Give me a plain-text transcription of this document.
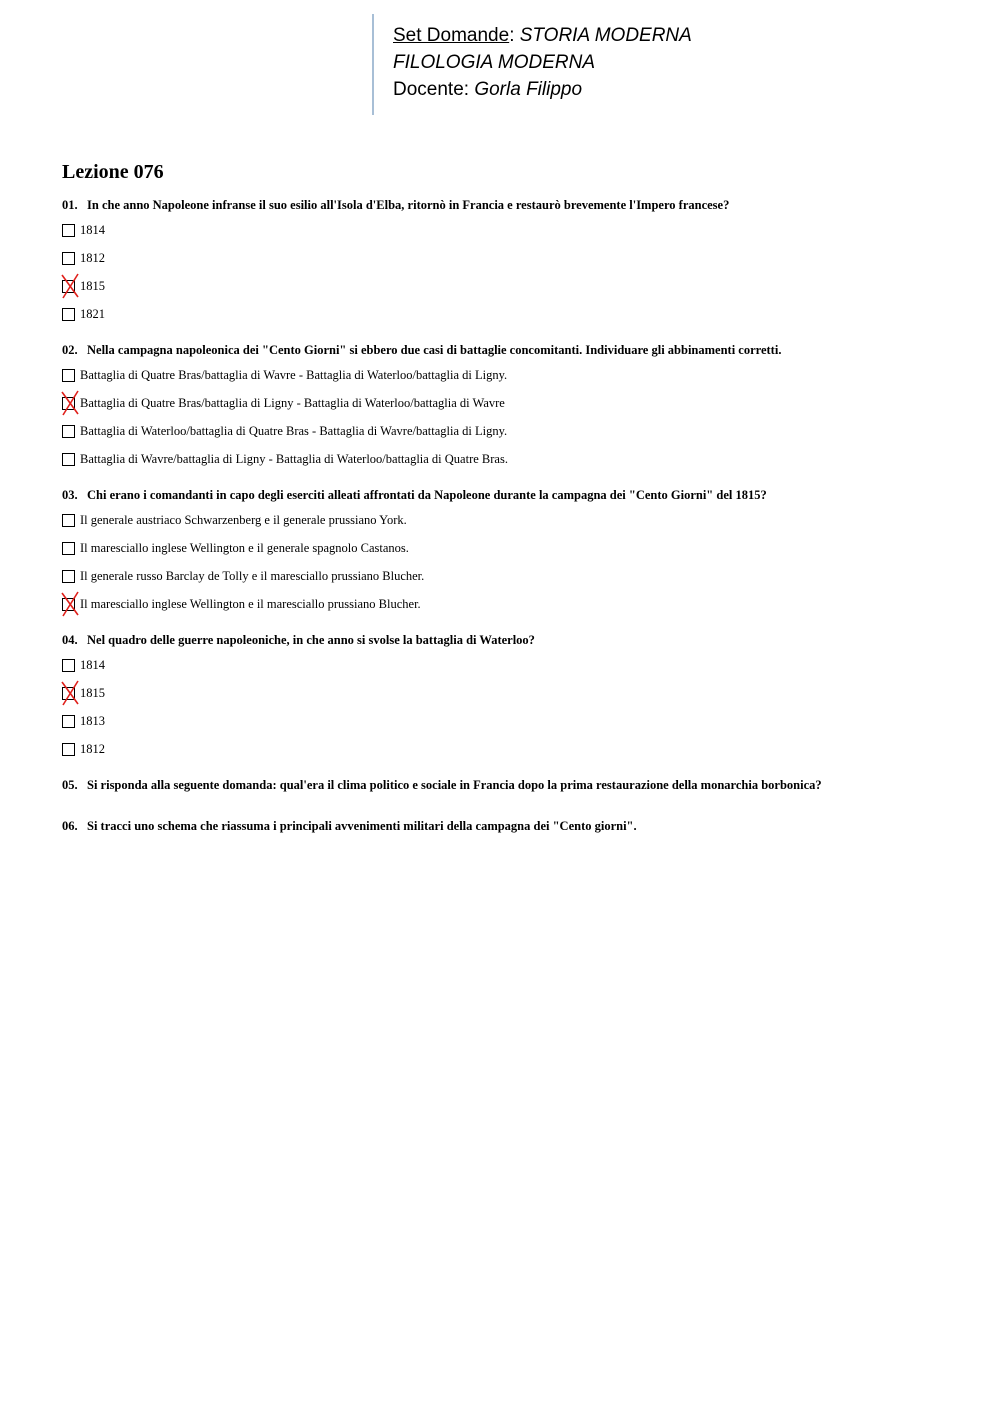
Set Domande: STORIA MODERNA
FILOLOGIA MODERNA
Docente: Gorla Filippo
Lezione 076
01. In che anno Napoleone infranse il suo esilio all'Isola d'Elba, ritornò in Francia e restaurò brevemente l'Impero francese?
1814
1812
1815
1821
02. Nella campagna napoleonica dei "Cento Giorni" si ebbero due casi di battaglie concomitanti. Individuare gli abbinamenti corretti.
Battaglia di Quatre Bras/battaglia di Wavre - Battaglia di Waterloo/battaglia di Ligny.
Battaglia di Quatre Bras/battaglia di Ligny - Battaglia di Waterloo/battaglia di Wavre
Battaglia di Waterloo/battaglia di Quatre Bras - Battaglia di Wavre/battaglia di Ligny.
Battaglia di Wavre/battaglia di Ligny - Battaglia di Waterloo/battaglia di Quatre Bras.
03. Chi erano i comandanti in capo degli eserciti alleati affrontati da Napoleone durante la campagna dei "Cento Giorni" del 1815?
Il generale austriaco Schwarzenberg e il generale prussiano York.
Il maresciallo inglese Wellington e il generale spagnolo Castanos.
Il generale russo Barclay de Tolly e il maresciallo prussiano Blucher.
Il maresciallo inglese Wellington e il maresciallo prussiano Blucher.
04. Nel quadro delle guerre napoleoniche, in che anno si svolse la battaglia di Waterloo?
1814
1815
1813
1812
05. Si risponda alla seguente domanda: qual'era il clima politico e sociale in Francia dopo la prima restaurazione della monarchia borbonica?
06. Si tracci uno schema che riassuma i principali avvenimenti militari della campagna dei "Cento giorni".
